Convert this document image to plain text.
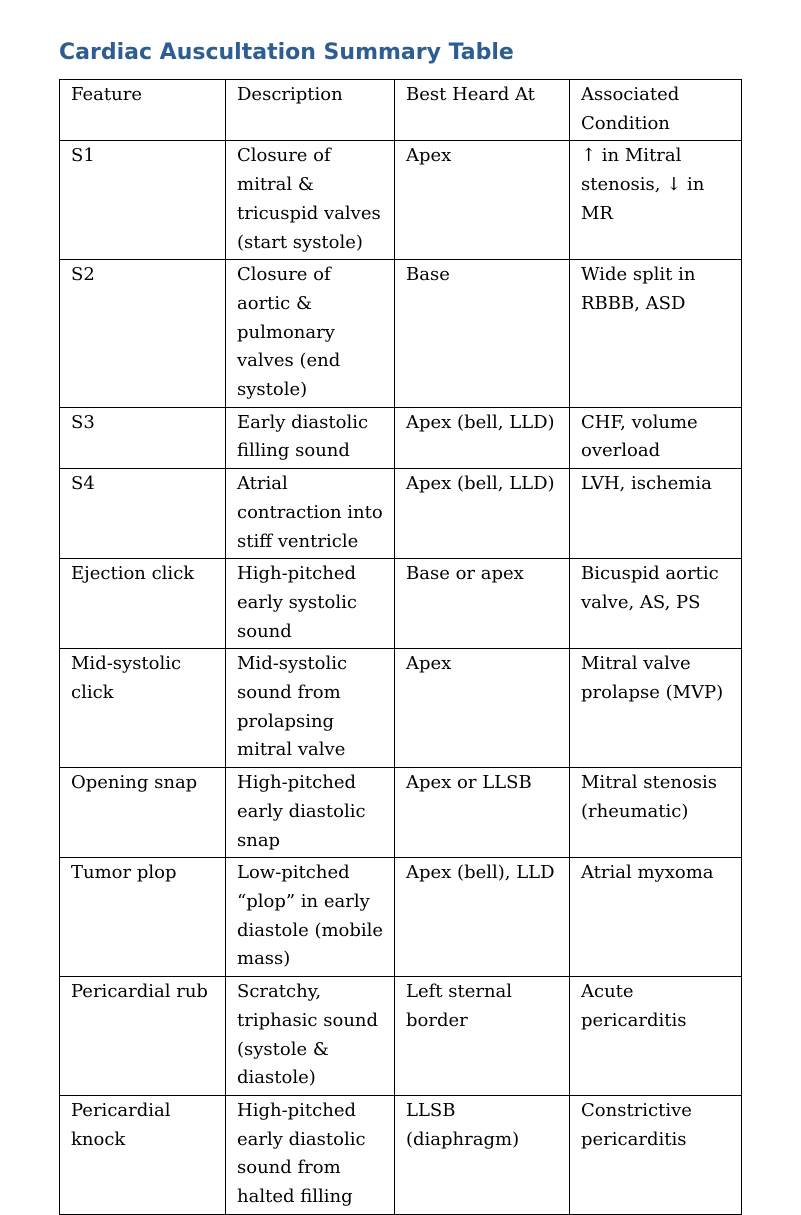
Cardiac Auscultation Summary Table
Feature	Description	Best Heard At	Associated Condition
S1	Closure of mitral & tricuspid valves (start systole)	Apex	↑ in Mitral stenosis, ↓ in MR
S2	Closure of aortic & pulmonary valves (end systole)	Base	Wide split in RBBB, ASD
S3	Early diastolic filling sound	Apex (bell, LLD)	CHF, volume overload
S4	Atrial contraction into stiff ventricle	Apex (bell, LLD)	LVH, ischemia
Ejection click	High-pitched early systolic sound	Base or apex	Bicuspid aortic valve, AS, PS
Mid-systolic click	Mid-systolic sound from prolapsing mitral valve	Apex	Mitral valve prolapse (MVP)
Opening snap	High-pitched early diastolic snap	Apex or LLSB	Mitral stenosis (rheumatic)
Tumor plop	Low-pitched “plop” in early diastole (mobile mass)	Apex (bell), LLD	Atrial myxoma
Pericardial rub	Scratchy, triphasic sound (systole & diastole)	Left sternal border	Acute pericarditis
Pericardial knock	High-pitched early diastolic sound from halted filling	LLSB (diaphragm)	Constrictive pericarditis
